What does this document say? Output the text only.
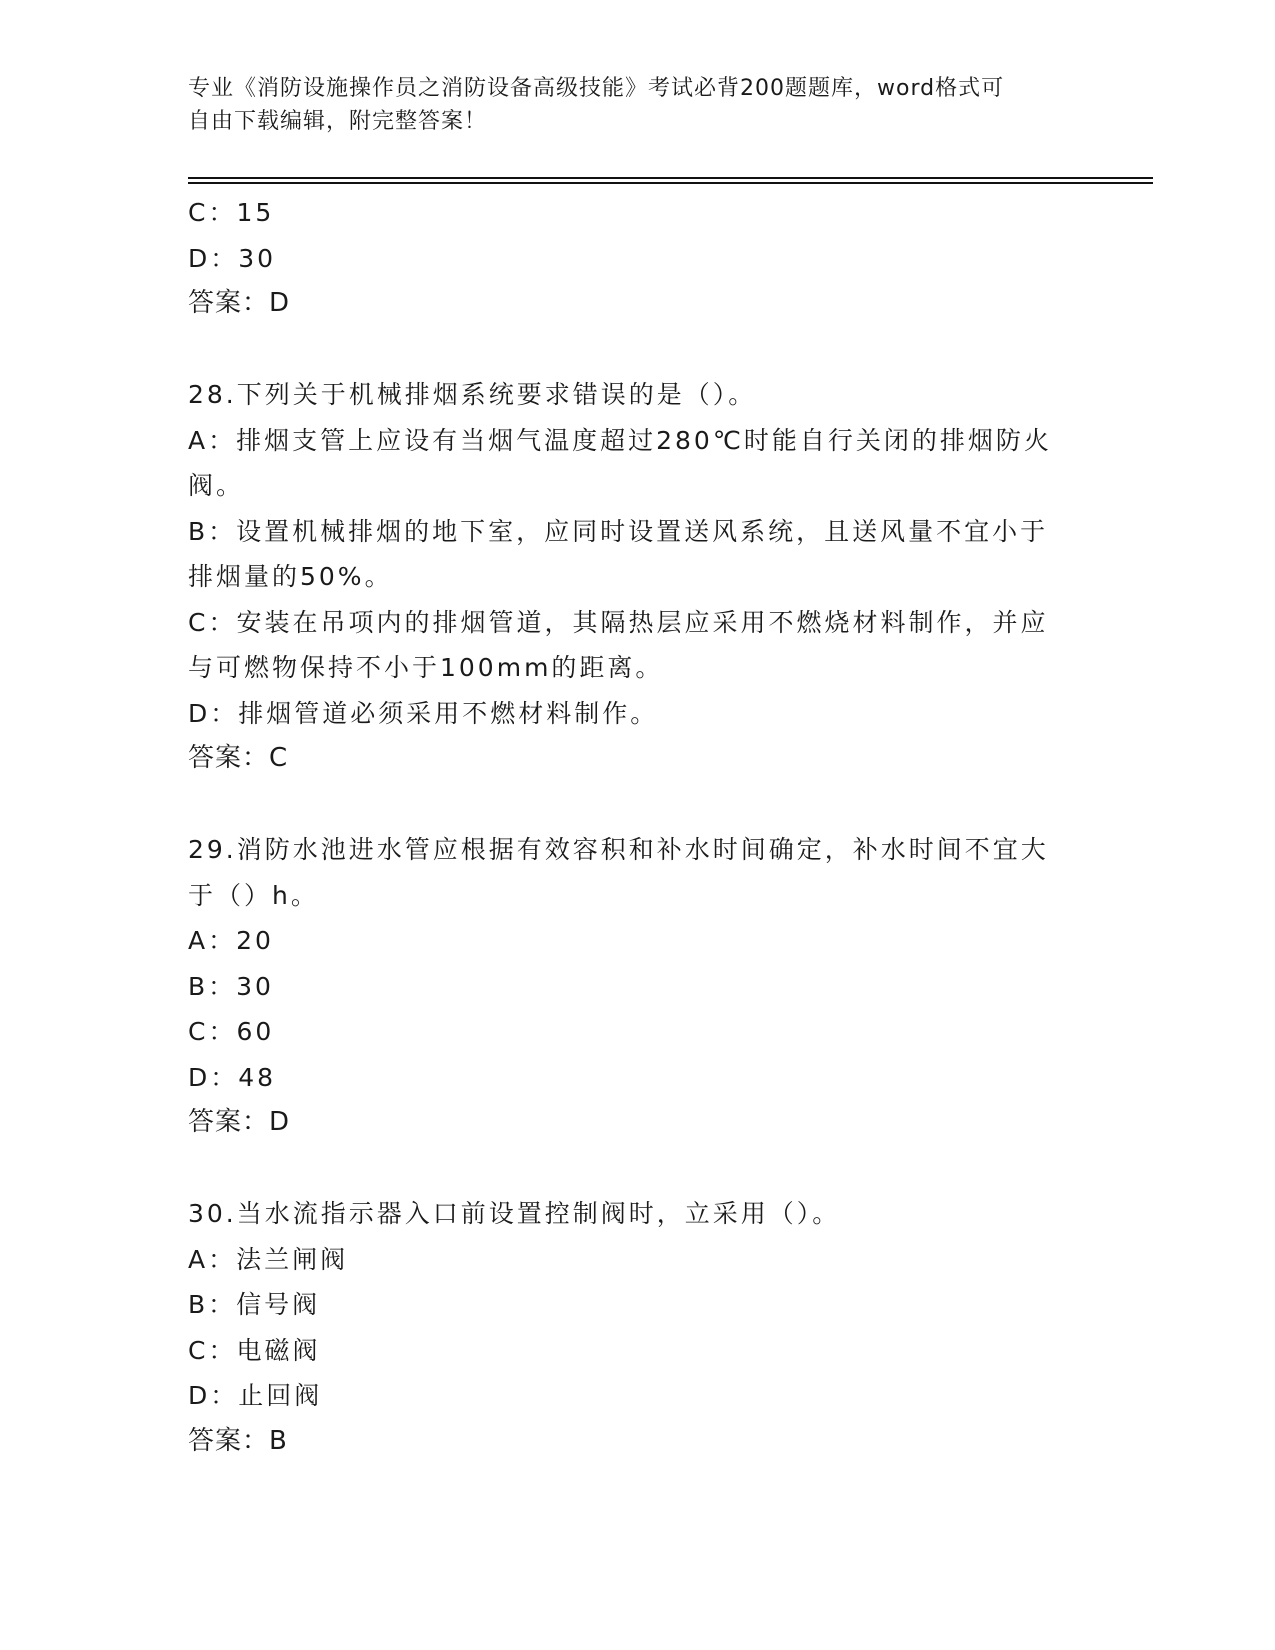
专业《消防设施操作员之消防设备高级技能》考试必背200题题库，word格式可
自由下载编辑，附完整答案！
C：15
D：30
答案：D
28.下列关于机械排烟系统要求错误的是（）。
A：排烟支管上应设有当烟气温度超过280℃时能自行关闭的排烟防火阀。
B：设置机械排烟的地下室，应同时设置送风系统，且送风量不宜小于排烟量的50%。
C：安装在吊项内的排烟管道，其隔热层应采用不燃烧材料制作，并应与可燃物保持不小于100mm的距离。
D：排烟管道必须采用不燃材料制作。
答案：C
29.消防水池进水管应根据有效容积和补水时间确定，补水时间不宜大于（）h。
A：20
B：30
C：60
D：48
答案：D
30.当水流指示器入口前设置控制阀时，立采用（）。
A：法兰闸阀
B：信号阀
C：电磁阀
D：止回阀
答案：B
